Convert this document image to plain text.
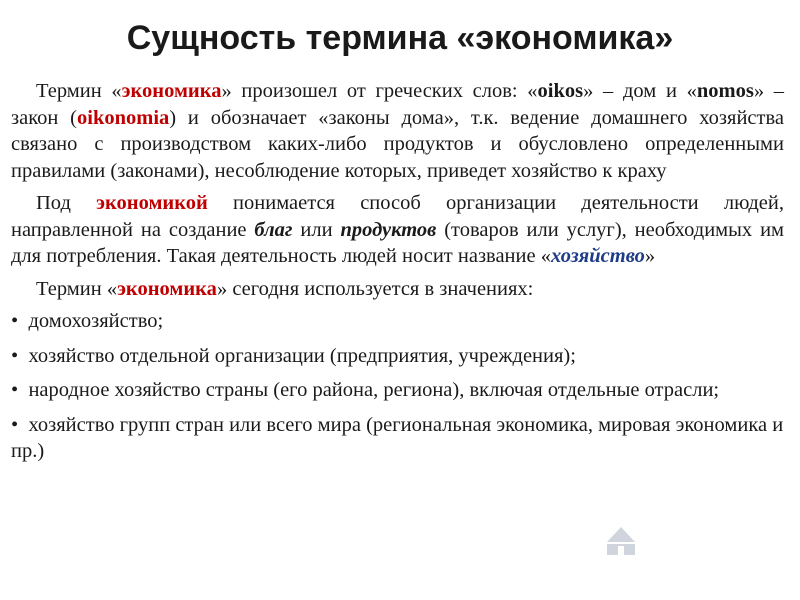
Сущность термина «экономика»

Термин «экономика» произошел от греческих слов: «oikos» – дом и «nomos» – закон (oikonomia) и обозначает «законы дома», т.к. ведение домашнего хозяйства связано с производством каких-либо продуктов и обусловлено определенными правилами (законами), несоблюдение которых, приведет хозяйство к краху

Под экономикой понимается способ организации деятельности людей, направленной на создание благ или продуктов (товаров или услуг), необходимых им для потребления. Такая деятельность людей носит название «хозяйство»

Термин «экономика» сегодня используется в значениях:

• домохозяйство;
• хозяйство отдельной организации (предприятия, учреждения);
• народное хозяйство страны (его района, региона), включая отдельные отрасли;
• хозяйство групп стран или всего мира (региональная экономика, мировая экономика и пр.)
